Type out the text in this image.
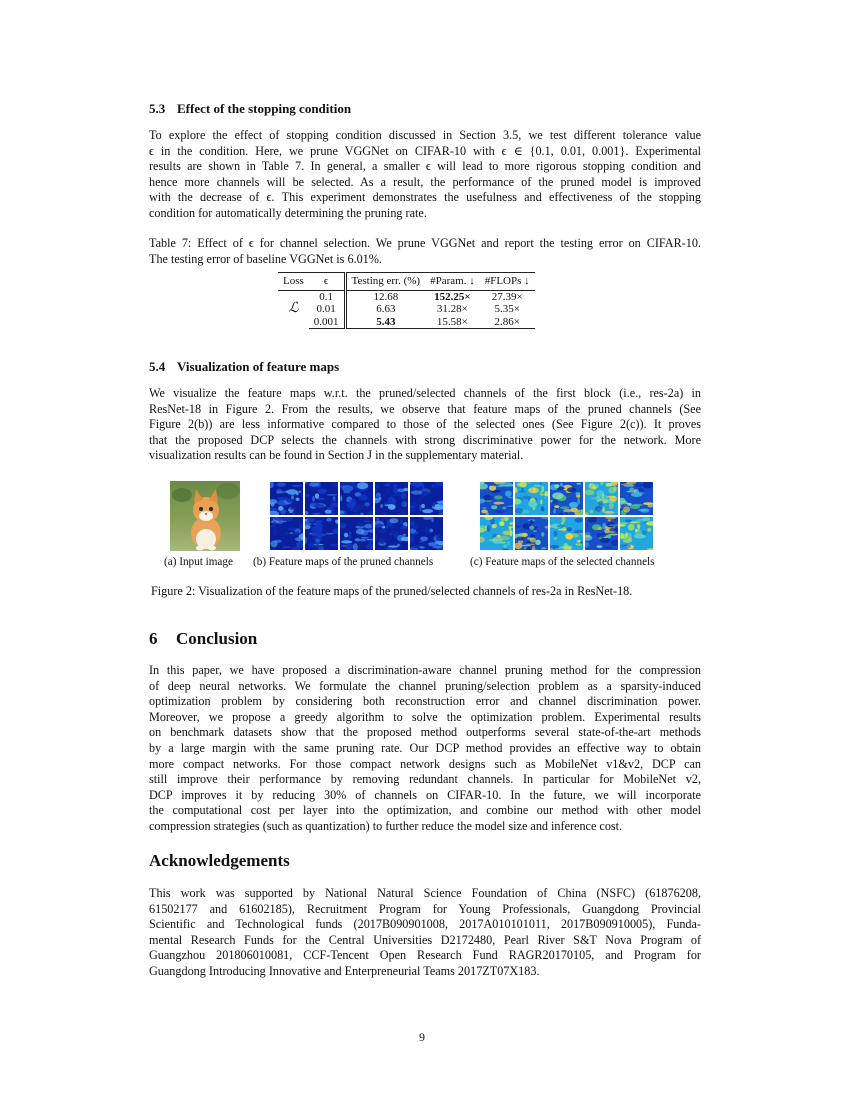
5.3 Effect of the stopping condition
To explore the effect of stopping condition discussed in Section 3.5, we test different tolerance value
ϵ in the condition. Here, we prune VGGNet on CIFAR-10 with ϵ ∈ {0.1, 0.01, 0.001}. Experimental
results are shown in Table 7. In general, a smaller ϵ will lead to more rigorous stopping condition and
hence more channels will be selected. As a result, the performance of the pruned model is improved
with the decrease of ϵ. This experiment demonstrates the usefulness and effectiveness of the stopping
condition for automatically determining the pruning rate.
Table 7: Effect of ϵ for channel selection. We prune VGGNet and report the testing error on CIFAR-10.
The testing error of baseline VGGNet is 6.01%.
Loss	ϵ	Testing err. (%)	#Param. ↓	#FLOPs ↓
ℒ	0.1	12.68	152.25×	27.39×
	0.01	6.63	31.28×	5.35×
	0.001	5.43	15.58×	2.86×
5.4 Visualization of feature maps
We visualize the feature maps w.r.t. the pruned/selected channels of the first block (i.e., res-2a) in
ResNet-18 in Figure 2. From the results, we observe that feature maps of the pruned channels (See
Figure 2(b)) are less informative compared to those of the selected ones (See Figure 2(c)). It proves
that the proposed DCP selects the channels with strong discriminative power for the network. More
visualization results can be found in Section J in the supplementary material.
(a) Input image (b) Feature maps of the pruned channels	(c) Feature maps of the selected channels
Figure 2: Visualization of the feature maps of the pruned/selected channels of res-2a in ResNet-18.
6 Conclusion
In this paper, we have proposed a discrimination-aware channel pruning method for the compression
of deep neural networks. We formulate the channel pruning/selection problem as a sparsity-induced
optimization problem by considering both reconstruction error and channel discrimination power.
Moreover, we propose a greedy algorithm to solve the optimization problem. Experimental results
on benchmark datasets show that the proposed method outperforms several state-of-the-art methods
by a large margin with the same pruning rate. Our DCP method provides an effective way to obtain
more compact networks. For those compact network designs such as MobileNet v1&v2, DCP can
still improve their performance by removing redundant channels. In particular for MobileNet v2,
DCP improves it by reducing 30% of channels on CIFAR-10. In the future, we will incorporate
the computational cost per layer into the optimization, and combine our method with other model
compression strategies (such as quantization) to further reduce the model size and inference cost.
Acknowledgements
This work was supported by National Natural Science Foundation of China (NSFC) (61876208,
61502177 and 61602185), Recruitment Program for Young Professionals, Guangdong Provincial
Scientific and Technological funds (2017B090901008, 2017A010101011, 2017B090910005), Funda-
mental Research Funds for the Central Universities D2172480, Pearl River S&T Nova Program of
Guangzhou 201806010081, CCF-Tencent Open Research Fund RAGR20170105, and Program for
Guangdong Introducing Innovative and Enterpreneurial Teams 2017ZT07X183.
9
